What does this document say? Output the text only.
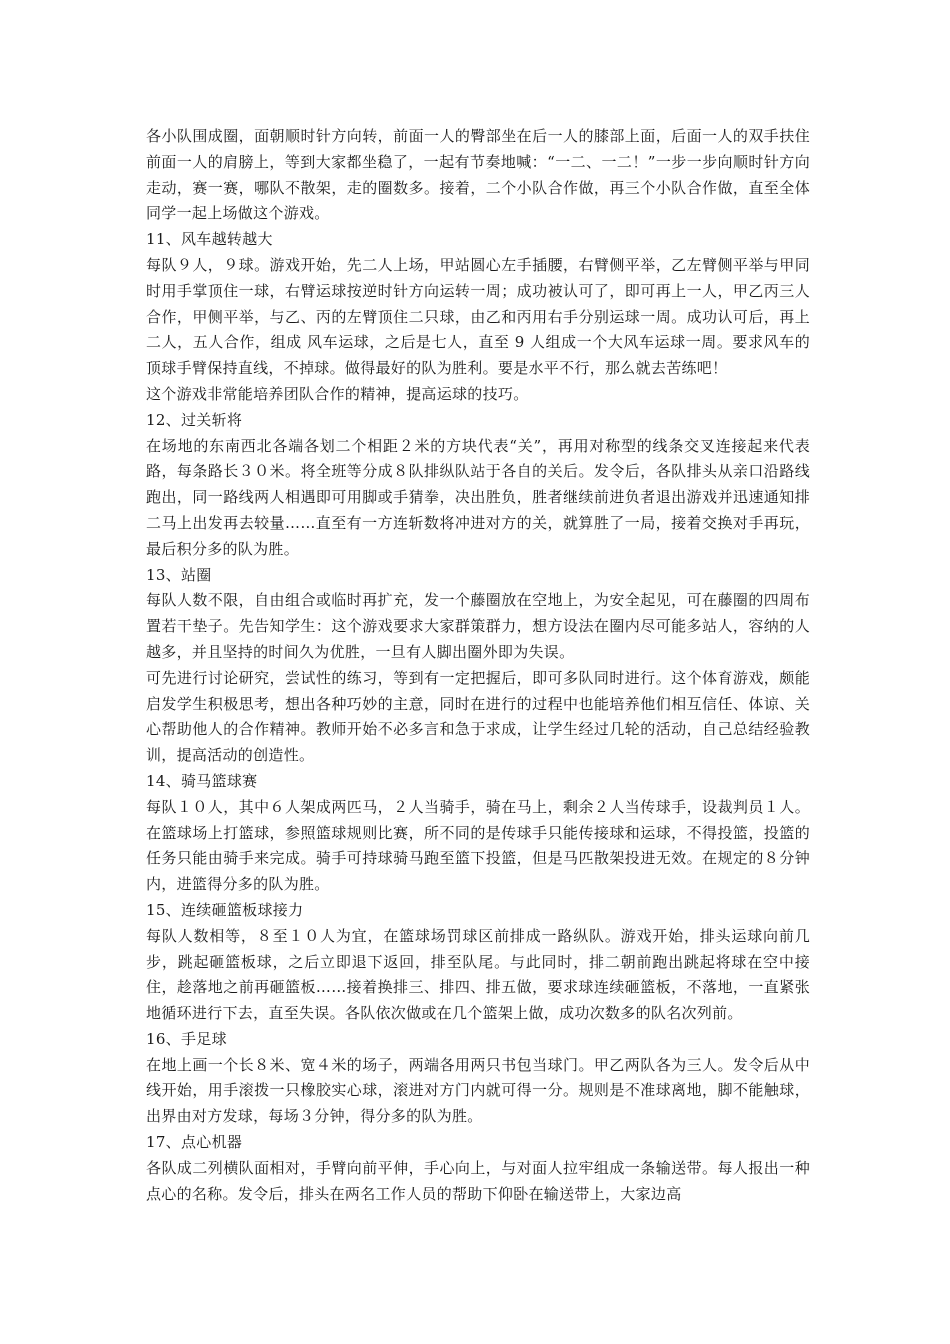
各小队围成圈，面朝顺时针方向转，前面一人的臀部坐在后一人的膝部上面，后面一人的双手扶住前面一人的肩膀上，等到大家都坐稳了，一起有节奏地喊：“一二、一二！”一步一步向顺时针方向走动，赛一赛，哪队不散架，走的圈数多。接着，二个小队合作做，再三个小队合作做，直至全体同学一起上场做这个游戏。

11、风车越转越大

每队９人，９球。游戏开始，先二人上场，甲站圆心左手插腰，右臂侧平举，乙左臂侧平举与甲同时用手掌顶住一球，右臂运球按逆时针方向运转一周；成功被认可了，即可再上一人，甲乙丙三人合作，甲侧平举，与乙、丙的左臂顶住二只球，由乙和丙用右手分别运球一周。成功认可后，再上二人，五人合作，组成 风车运球，之后是七人，直至 9 人组成一个大风车运球一周。要求风车的顶球手臂保持直线，不掉球。做得最好的队为胜利。要是水平不行，那么就去苦练吧！

这个游戏非常能培养团队合作的精神，提高运球的技巧。

12、过关斩将

在场地的东南西北各端各划二个相距２米的方块代表“关”，再用对称型的线条交叉连接起来代表路，每条路长３０米。将全班等分成８队排纵队站于各自的关后。发令后，各队排头从亲口沿路线跑出，同一路线两人相遇即可用脚或手猜拳，决出胜负，胜者继续前进负者退出游戏并迅速通知排二马上出发再去较量……直至有一方连斩数将冲进对方的关，就算胜了一局，接着交换对手再玩，最后积分多的队为胜。

13、站圈

每队人数不限，自由组合或临时再扩充，发一个藤圈放在空地上，为安全起见，可在藤圈的四周布置若干垫子。先告知学生：这个游戏要求大家群策群力，想方设法在圈内尽可能多站人，容纳的人越多，并且坚持的时间久为优胜，一旦有人脚出圈外即为失误。

可先进行讨论研究，尝试性的练习，等到有一定把握后，即可多队同时进行。这个体育游戏，颇能启发学生积极思考，想出各种巧妙的主意，同时在进行的过程中也能培养他们相互信任、体谅、关心帮助他人的合作精神。教师开始不必多言和急于求成，让学生经过几轮的活动，自己总结经验教训，提高活动的创造性。

14、骑马篮球赛

每队１０人，其中６人架成两匹马，２人当骑手，骑在马上，剩余２人当传球手，设裁判员１人。在篮球场上打篮球，参照篮球规则比赛，所不同的是传球手只能传接球和运球，不得投篮，投篮的任务只能由骑手来完成。骑手可持球骑马跑至篮下投篮，但是马匹散架投进无效。在规定的８分钟内，进篮得分多的队为胜。

15、连续砸篮板球接力

每队人数相等，８至１０人为宜，在篮球场罚球区前排成一路纵队。游戏开始，排头运球向前几步，跳起砸篮板球，之后立即退下返回，排至队尾。与此同时，排二朝前跑出跳起将球在空中接住，趁落地之前再砸篮板……接着换排三、排四、排五做，要求球连续砸篮板，不落地，一直紧张地循环进行下去，直至失误。各队依次做或在几个篮架上做，成功次数多的队名次列前。

16、手足球

在地上画一个长８米、宽４米的场子，两端各用两只书包当球门。甲乙两队各为三人。发令后从中线开始，用手滚拨一只橡胶实心球，滚进对方门内就可得一分。规则是不准球离地，脚不能触球，出界由对方发球，每场３分钟，得分多的队为胜。

17、点心机器

各队成二列横队面相对，手臂向前平伸，手心向上，与对面人拉牢组成一条输送带。每人报出一种点心的名称。发令后，排头在两名工作人员的帮助下仰卧在输送带上，大家边高
